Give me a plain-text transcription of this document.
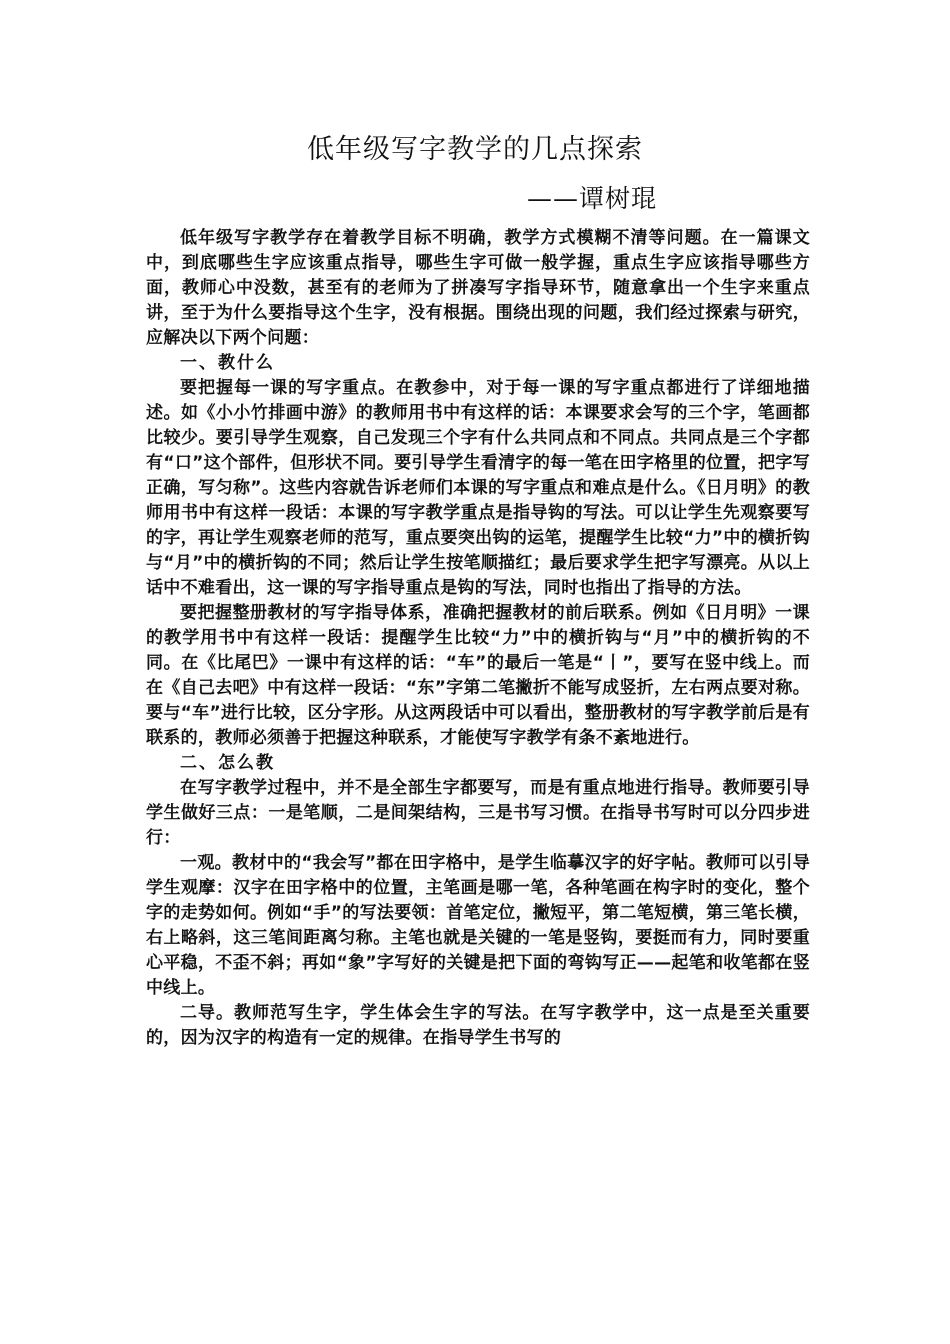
低年级写字教学的几点探索
——谭树琨

低年级写字教学存在着教学目标不明确，教学方式模糊不清等问题。在一篇课文中，到底哪些生字应该重点指导，哪些生字可做一般学握，重点生字应该指导哪些方面，教师心中没数，甚至有的老师为了拼凑写字指导环节，随意拿出一个生字来重点讲，至于为什么要指导这个生字，没有根据。围绕出现的问题，我们经过探索与研究，应解决以下两个问题：

一、教什么

要把握每一课的写字重点。在教参中，对于每一课的写字重点都进行了详细地描述。如《小小竹排画中游》的教师用书中有这样的话：本课要求会写的三个字，笔画都比较少。要引导学生观察，自己发现三个字有什么共同点和不同点。共同点是三个字都有“口”这个部件，但形状不同。要引导学生看清字的每一笔在田字格里的位置，把字写正确，写匀称”。这些内容就告诉老师们本课的写字重点和难点是什么。《日月明》的教师用书中有这样一段话：本课的写字教学重点是指导钩的写法。可以让学生先观察要写的字，再让学生观察老师的范写，重点要突出钩的运笔，提醒学生比较“力”中的横折钩与“月”中的横折钩的不同；然后让学生按笔顺描红；最后要求学生把字写漂亮。从以上话中不难看出，这一课的写字指导重点是钩的写法，同时也指出了指导的方法。

要把握整册教材的写字指导体系，准确把握教材的前后联系。例如《日月明》一课的教学用书中有这样一段话：提醒学生比较“力”中的横折钩与“月”中的横折钩的不同。在《比尾巴》一课中有这样的话：“车”的最后一笔是“丨”，要写在竖中线上。而在《自己去吧》中有这样一段话：“东”字第二笔撇折不能写成竖折，左右两点要对称。要与“车”进行比较，区分字形。从这两段话中可以看出，整册教材的写字教学前后是有联系的，教师必须善于把握这种联系，才能使写字教学有条不紊地进行。

二、怎么教

在写字教学过程中，并不是全部生字都要写，而是有重点地进行指导。教师要引导学生做好三点：一是笔顺，二是间架结构，三是书写习惯。在指导书写时可以分四步进行：

一观。教材中的“我会写”都在田字格中，是学生临摹汉字的好字帖。教师可以引导学生观摩：汉字在田字格中的位置，主笔画是哪一笔，各种笔画在构字时的变化，整个字的走势如何。例如“手”的写法要领：首笔定位，撇短平，第二笔短横，第三笔长横，右上略斜，这三笔间距离匀称。主笔也就是关键的一笔是竖钩，要挺而有力，同时要重心平稳，不歪不斜；再如“象”字写好的关键是把下面的弯钩写正——起笔和收笔都在竖中线上。

二导。教师范写生字，学生体会生字的写法。在写字教学中，这一点是至关重要的，因为汉字的构造有一定的规律。在指导学生书写的
